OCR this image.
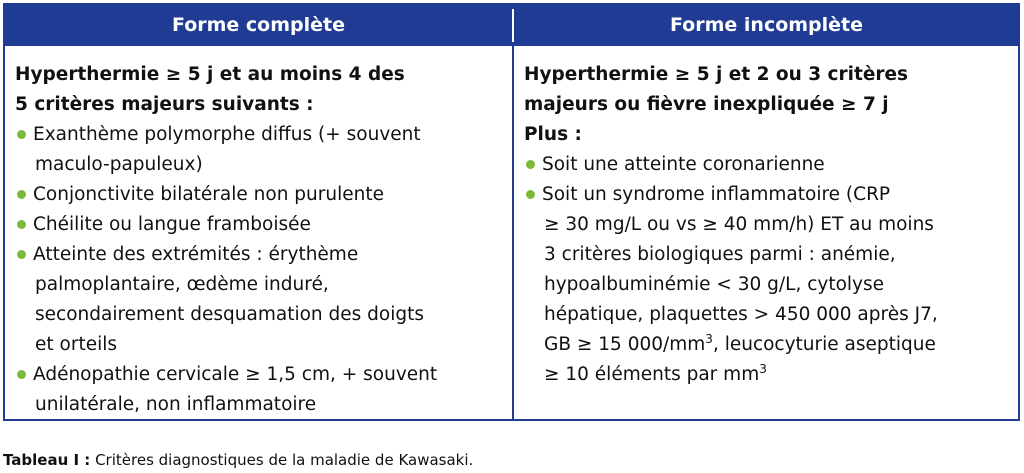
Forme complète	Forme incomplète
Hyperthermie ≥ 5 j et au moins 4 des
5 critères majeurs suivants :
Exanthème polymorphe diffus (+ souvent
maculo-papuleux)
Conjonctivite bilatérale non purulente
Chéilite ou langue framboisée
Atteinte des extrémités : érythème
palmoplantaire, œdème induré,
secondairement desquamation des doigts
et orteils
Adénopathie cervicale ≥ 1,5 cm, + souvent
unilatérale, non inflammatoire
Hyperthermie ≥ 5 j et 2 ou 3 critères
majeurs ou fièvre inexpliquée ≥ 7 j
Plus :
Soit une atteinte coronarienne
Soit un syndrome inflammatoire (CRP
≥ 30 mg/L ou vs ≥ 40 mm/h) ET au moins
3 critères biologiques parmi : anémie,
hypoalbuminémie < 30 g/L, cytolyse
hépatique, plaquettes > 450 000 après J7,
GB ≥ 15 $000/mm^3$, leucocyturie aseptique
≥ 10 éléments par $mm^3$
Tableau I : Critères diagnostiques de la maladie de Kawasaki.
